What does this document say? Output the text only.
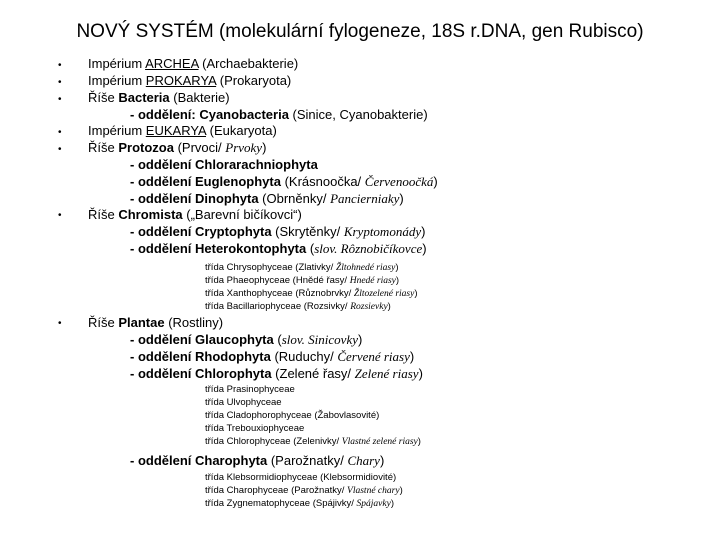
NOVÝ SYSTÉM (molekulární fylogeneze, 18S r.DNA, gen Rubisco)
•
•
•
•
•
•
•
Impérium ARCHEA (Archaebakterie)
Impérium PROKARYA (Prokaryota)
Říše Bacteria (Bakterie)
- oddělení: Cyanobacteria (Sinice, Cyanobakterie)
Impérium EUKARYA (Eukaryota)
Říše Protozoa (Prvoci/ Prvoky)
- oddělení Chlorarachniophyta
- oddělení Euglenophyta (Krásnoočka/ Červenoočká)
- oddělení Dinophyta (Obrněnky/ Pancierniaky)
Říše Chromista („Barevní bičíkovci“)
- oddělení Cryptophyta (Skrytěnky/ Kryptomonády)
- oddělení Heterokontophyta (slov. Rôznobičíkovce)
třída Chrysophyceae (Zlativky/ Žltohnedé riasy)
třída Phaeophyceae (Hnědé řasy/ Hnedé riasy)
třída Xanthophyceae (Různobrvky/ Žltozelené riasy)
třída Bacillariophyceae (Rozsivky/ Rozsievky)
Říše Plantae (Rostliny)
- oddělení Glaucophyta (slov. Sinicovky)
- oddělení Rhodophyta (Ruduchy/ Červené riasy)
- oddělení Chlorophyta (Zelené řasy/ Zelené riasy)
třída Prasinophyceae
třída Ulvophyceae
třída Cladophorophyceae (Žabovlasovité)
třída Trebouxiophyceae
třída Chlorophyceae (Zelenivky/ Vlastné zelené riasy)
- oddělení Charophyta (Parožnatky/ Chary)
třída Klebsormidiophyceae (Klebsormidiovité)
třída Charophyceae (Parožnatky/ Vlastné chary)
třída Zygnematophyceae (Spájivky/ Spájavky)
